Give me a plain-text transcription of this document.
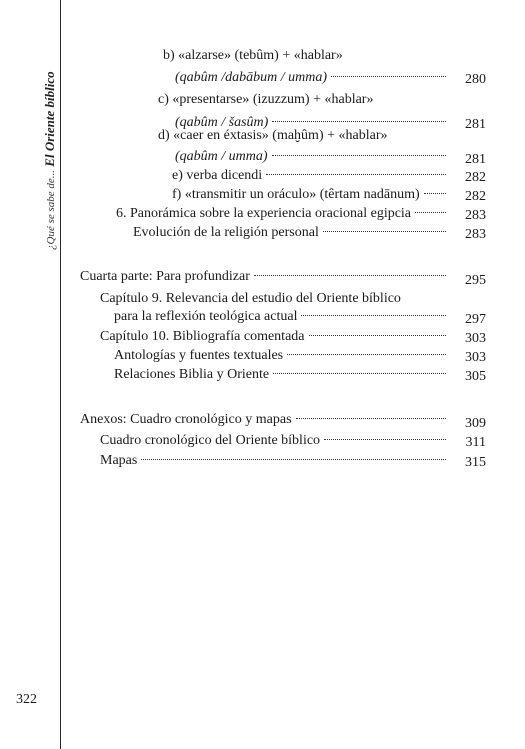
¿Qué se sabe de... El Oriente bíblico
322
b) «alzarse» (tebûm) + «hablar»
(qabûm /dabābum / umma)	280
c) «presentarse» (izuzzum) + «hablar»
(qabûm / šasûm)	281
d) «caer en éxtasis» (maḫûm) + «hablar»
(qabûm / umma)	281
e) verba dicendi	282
f) «transmitir un oráculo» (têrtam nadānum)	282
6. Panorámica sobre la experiencia oracional egipcia	283
Evolución de la religión personal	283
Cuarta parte: Para profundizar	295
Capítulo 9. Relevancia del estudio del Oriente bíblico
para la reflexión teológica actual	297
Capítulo 10. Bibliografía comentada	303
Antologías y fuentes textuales	303
Relaciones Biblia y Oriente	305
Anexos: Cuadro cronológico y mapas	309
Cuadro cronológico del Oriente bíblico	311
Mapas	315
